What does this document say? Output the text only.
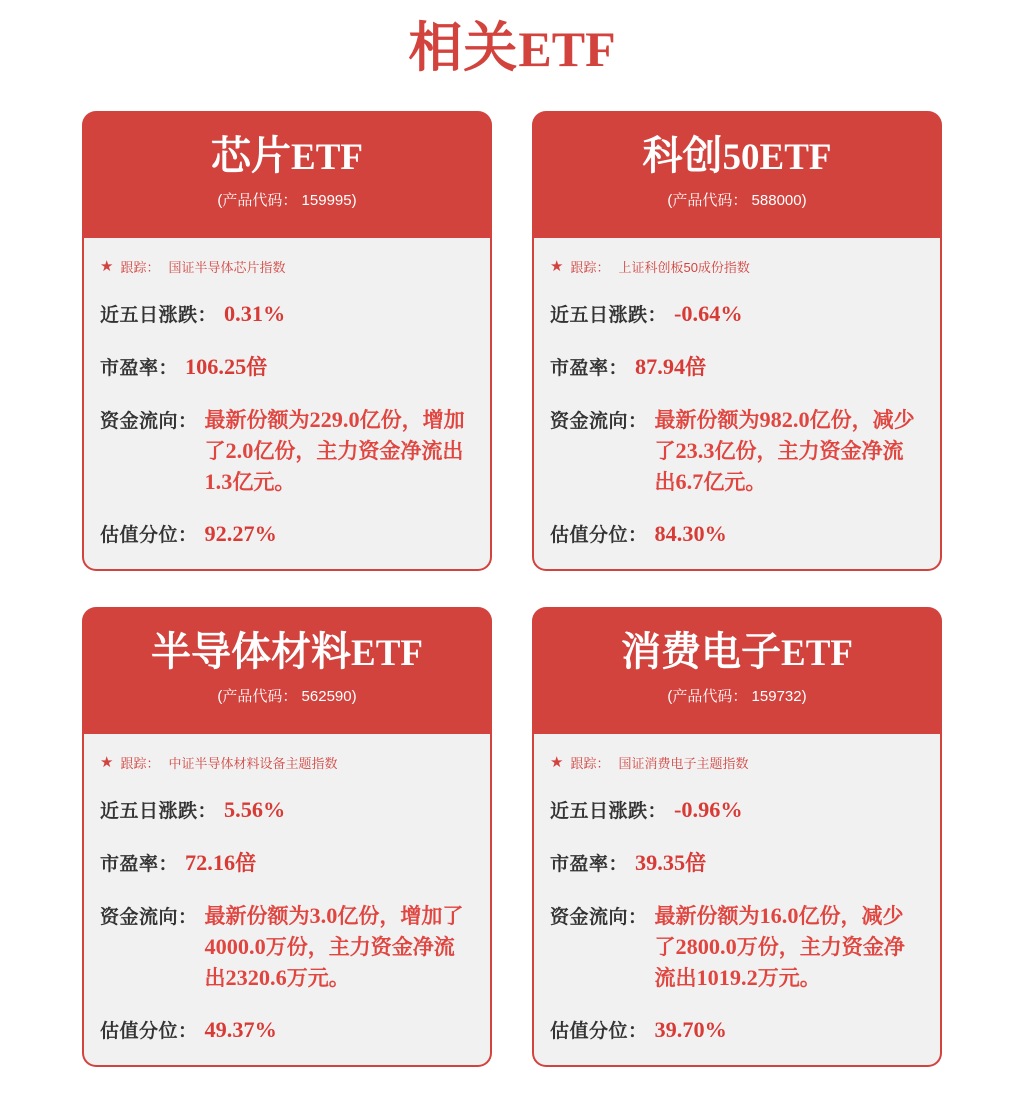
相关ETF
芯片ETF
(产品代码： 159995)
★ 跟踪： 国证半导体芯片指数
近五日涨跌： 0.31%
市盈率： 106.25倍
资金流向： 最新份额为229.0亿份，增加了2.0亿份，主力资金净流出1.3亿元。
估值分位： 92.27%
科创50ETF
(产品代码： 588000)
★ 跟踪： 上证科创板50成份指数
近五日涨跌： -0.64%
市盈率： 87.94倍
资金流向： 最新份额为982.0亿份，减少了23.3亿份，主力资金净流出6.7亿元。
估值分位： 84.30%
半导体材料ETF
(产品代码： 562590)
★ 跟踪： 中证半导体材料设备主题指数
近五日涨跌： 5.56%
市盈率： 72.16倍
资金流向： 最新份额为3.0亿份，增加了4000.0万份，主力资金净流出2320.6万元。
估值分位： 49.37%
消费电子ETF
(产品代码： 159732)
★ 跟踪： 国证消费电子主题指数
近五日涨跌： -0.96%
市盈率： 39.35倍
资金流向： 最新份额为16.0亿份，减少了2800.0万份，主力资金净流出1019.2万元。
估值分位： 39.70%
